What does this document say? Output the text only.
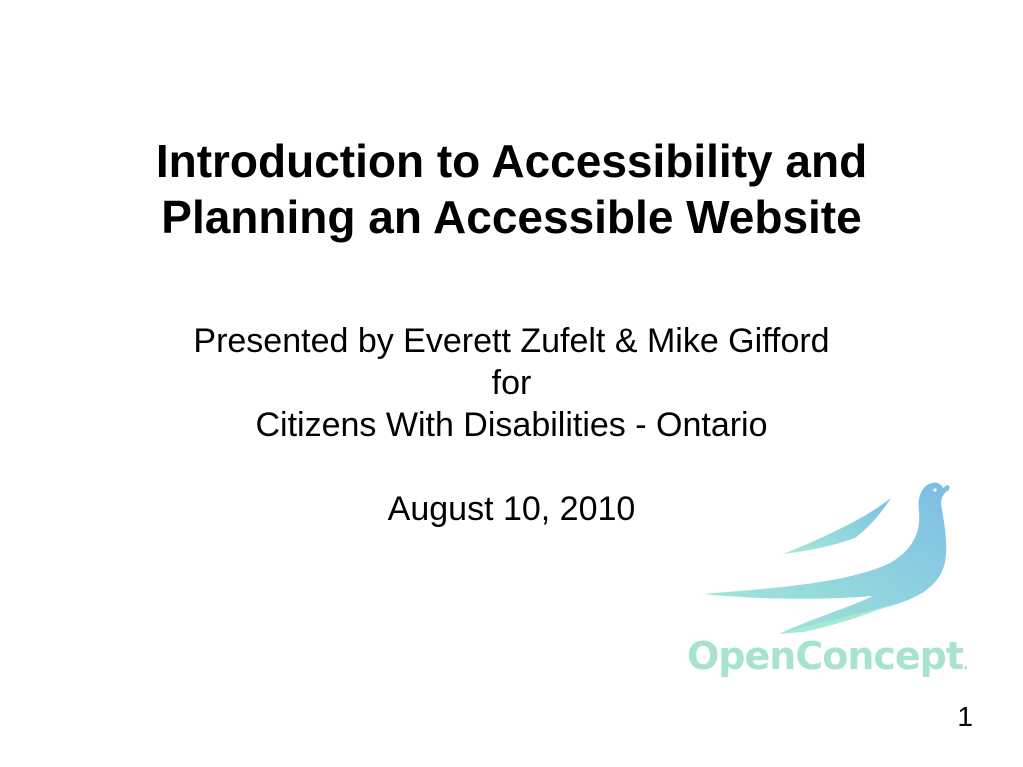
Introduction to Accessibility and
Planning an Accessible Website
Presented by Everett Zufelt & Mike Gifford
for
Citizens With Disabilities - Ontario
August 10, 2010
OpenConcept.
1
